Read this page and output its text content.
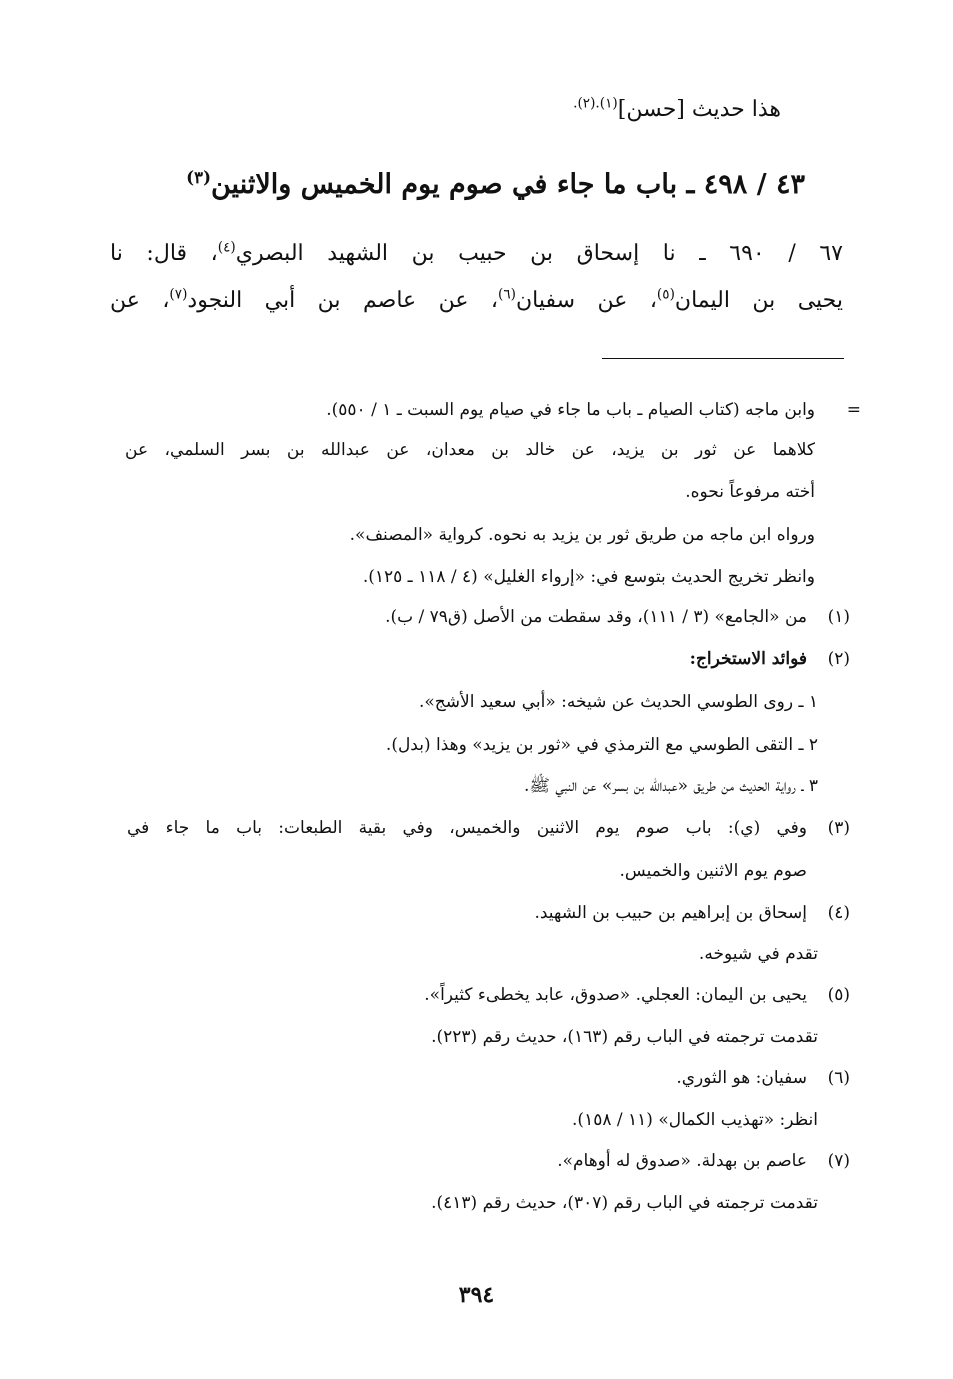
هذا حديث [حسن]$^{(١).(٢).}$
٤٣ / ٤٩٨ ـ باب ما جاء في صوم يوم الخميس والاثنين$^{(٣)}$
٦٧ / ٦٩٠ ـ نا إسحاق بن حبيب بن الشهيد البصري$^{(٤)}$، قال: نا
يحيى بن اليمان$^{(٥)}$، عن سفيان$^{(٦)}$، عن عاصم بن أبي النجود$^{(٧)}$، عن
=
وابن ماجه (كتاب الصيام ـ باب ما جاء في صيام يوم السبت ـ ١ / ٥٥٠).
كلاهما عن ثور بن يزيد، عن خالد بن معدان، عن عبدالله بن بسر السلمي، عن
أخته مرفوعاً نحوه.
ورواه ابن ماجه من طريق ثور بن يزيد به نحوه. كرواية «المصنف».
وانظر تخريج الحديث بتوسع في: «إرواء الغليل» (٤ / ١١٨ ـ ١٢٥).
(١)
من «الجامع» (٣ / ١١١)، وقد سقطت من الأصل (ق٧٩ / ب).
(٢)
فوائد الاستخراج:
١ ـ روى الطوسي الحديث عن شيخه: «أبي سعيد الأشج».
٢ ـ التقى الطوسي مع الترمذي في «ثور بن يزيد» وهذا (بدل).
٣ ـ رواية الحديث من طريق «عبدالله بن بسر» عن النبي ﷺ.
(٣)
وفي (ي): باب صوم يوم الاثنين والخميس، وفي بقية الطبعات: باب ما جاء في
صوم يوم الاثنين والخميس.
(٤)
إسحاق بن إبراهيم بن حبيب بن الشهيد.
تقدم في شيوخه.
(٥)
يحيى بن اليمان: العجلي. «صدوق، عابد يخطىء كثيراً».
تقدمت ترجمته في الباب رقم (١٦٣)، حديث رقم (٢٢٣).
(٦)
سفيان: هو الثوري.
انظر: «تهذيب الكمال» (١١ / ١٥٨).
(٧)
عاصم بن بهدلة. «صدوق له أوهام».
تقدمت ترجمته في الباب رقم (٣٠٧)، حديث رقم (٤١٣).
٣٩٤
